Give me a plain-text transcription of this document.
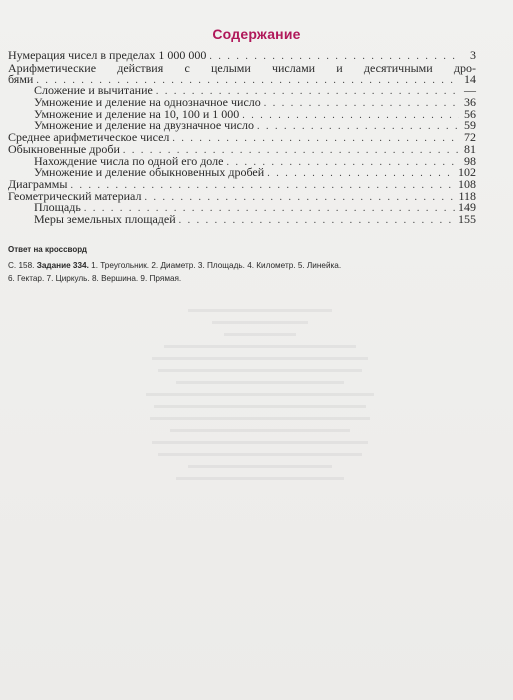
Содержание
Нумерация чисел в пределах 1 000 000 . . .	3
Арифметические действия с целыми числами и десятичными дро-
бями . . .	14
Сложение и вычитание . . .	—
Умножение и деление на однозначное число . . .	36
Умножение и деление на 10, 100 и 1 000 . . .	56
Умножение и деление на двузначное число . . .	59
Среднее арифметическое чисел . . .	72
Обыкновенные дроби . . .	81
Нахождение числа по одной его доле . . .	98
Умножение и деление обыкновенных дробей . . .	102
Диаграммы . . .	108
Геометрический материал . . .	118
Площадь . . .	149
Меры земельных площадей . . .	155
Ответ на кроссворд
С. 158. Задание 334. 1. Треугольник. 2. Диаметр. 3. Площадь. 4. Километр. 5. Линейка.
6. Гектар. 7. Циркуль. 8. Вершина. 9. Прямая.
